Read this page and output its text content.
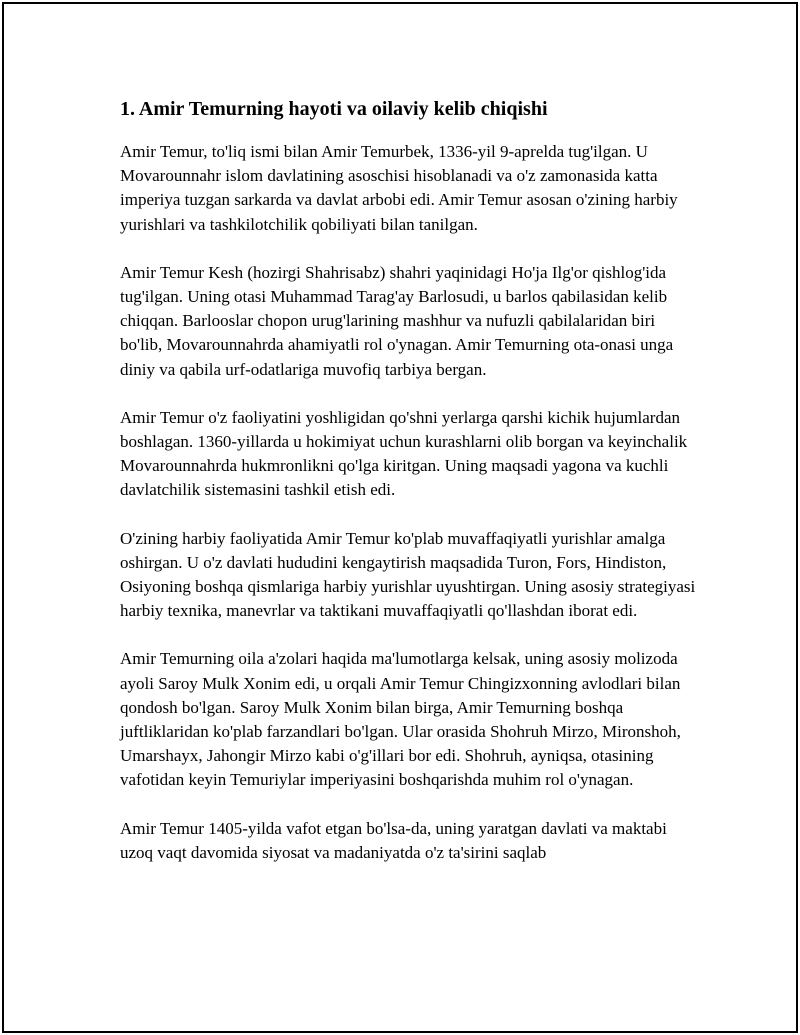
1. Amir Temurning hayoti va oilaviy kelib chiqishi

Amir Temur, to'liq ismi bilan Amir Temurbek, 1336-yil 9-aprelda tug'ilgan. U Movarounnahr islom davlatining asoschisi hisoblanadi va o'z zamonasida katta imperiya tuzgan sarkarda va davlat arbobi edi. Amir Temur asosan o'zining harbiy yurishlari va tashkilotchilik qobiliyati bilan tanilgan.

Amir Temur Kesh (hozirgi Shahrisabz) shahri yaqinidagi Ho'ja Ilg'or qishlog'ida tug'ilgan. Uning otasi Muhammad Tarag'ay Barlosudi, u barlos qabilasidan kelib chiqqan. Barlooslar chopon urug'larining mashhur va nufuzli qabilalaridan biri bo'lib, Movarounnahrda ahamiyatli rol o'ynagan. Amir Temurning ota-onasi unga diniy va qabila urf-odatlariga muvofiq tarbiya bergan.

Amir Temur o'z faoliyatini yoshligidan qo'shni yerlarga qarshi kichik hujumlardan boshlagan. 1360-yillarda u hokimiyat uchun kurashlarni olib borgan va keyinchalik Movarounnahrda hukmronlikni qo'lga kiritgan. Uning maqsadi yagona va kuchli davlatchilik sistemasini tashkil etish edi.

O'zining harbiy faoliyatida Amir Temur ko'plab muvaffaqiyatli yurishlar amalga oshirgan. U o'z davlati hududini kengaytirish maqsadida Turon, Fors, Hindiston, Osiyoning boshqa qismlariga harbiy yurishlar uyushtirgan. Uning asosiy strategiyasi harbiy texnika, manevrlar va taktikani muvaffaqiyatli qo'llashdan iborat edi.

Amir Temurning oila a'zolari haqida ma'lumotlarga kelsak, uning asosiy molizoda ayoli Saroy Mulk Xonim edi, u orqali Amir Temur Chingizxonning avlodlari bilan qondosh bo'lgan. Saroy Mulk Xonim bilan birga, Amir Temurning boshqa juftliklaridan ko'plab farzandlari bo'lgan. Ular orasida Shohruh Mirzo, Mironshoh, Umarshayx, Jahongir Mirzo kabi o'g'illari bor edi. Shohruh, ayniqsa, otasining vafotidan keyin Temuriylar imperiyasini boshqarishda muhim rol o'ynagan.

Amir Temur 1405-yilda vafot etgan bo'lsa-da, uning yaratgan davlati va maktabi uzoq vaqt davomida siyosat va madaniyatda o'z ta'sirini saqlab
